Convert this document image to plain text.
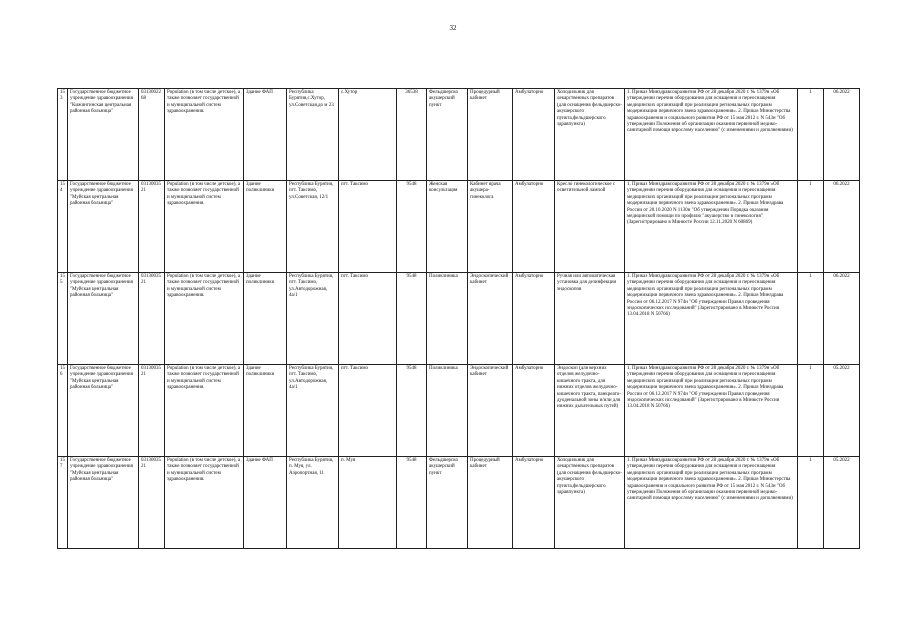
32
153	Государственное бюджетное учреждение здравоохранения "Кижингинская центральная районная больница"	0313002268	Population (в том числе детское), а также позволяет государственной и муниципальной систем здравоохранения.	Здание ФАП	Республика Бурятия,с.Хутор, ул.Советская,до м 23	с.Хутор	36538	Фельдшерско акушерский пункт	Процедурный кабинет	Амбулаторно	Холодильник для лекарственных препаратов (для оснащения фельдшерско-акушерского пункта,фельдшерского здравпункта)	1. Приказ Минздравсоцразвития РФ от 28 декабря 2020 г. № 1379н «Об утверждении перечня оборудования для оснащения и переоснащения медицинских организаций при реализации региональных программ модернизации первичного звена здравоохранения». 2. Приказ Министерства здравоохранения и социального развития РФ от 15 мая 2012 г. N 543н "Об утверждении Положения об организации оказания первичной медико-санитарной помощи взрослому населению" (с изменениями и дополнениями)	1	06.2022
154	Государственное бюджетное учреждение здравоохранения "Муйская центральная районная больница"	0313003521	Population (в том числе детское), а также позволяет государственной и муниципальной систем здравоохранения.	Здание поликлиники	Республика Бурятия, пгт. Таксимо, ул.Советская, 12/1	пгт. Таксимо	9548	Женская консультация	Кабинет врача акушера-гинеколога	Амбулаторно	Кресло гинекологическое с осветительной лампой	1. Приказ Минздравсоцразвития РФ от 28 декабря 2020 г. № 1379н «Об утверждении перечня оборудования для оснащения и переоснащения медицинских организаций при реализации региональных программ модернизации первичного звена здравоохранения». 2. Приказ Минздрава России от 20.10.2020 N 1130н "Об утверждении Порядка оказания медицинской помощи по профилю "акушерство и гинекология" (Зарегистрировано в Минюсте России 12.11.2020 N 60869)	1	06.2022
155	Государственное бюджетное учреждение здравоохранения "Муйская центральная районная больница"	0313003521	Population (в том числе детское), а также позволяет государственной и муниципальной систем здравоохранения.	Здание поликлиники	Республика Бурятия, пгт. Таксимо, ул.Автодорожная, 4а/1	пгт. Таксимо	9548	Поликлиника	Эндоскопический кабинет	Амбулаторно	Ручная или автоматическая установка для дезинфекции эндоскопов	1. Приказ Минздравсоцразвития РФ от 28 декабря 2020 г. № 1379н «Об утверждении перечня оборудования для оснащения и переоснащения медицинских организаций при реализации региональных программ модернизации первичного звена здравоохранения». 2. Приказ Минздрава России от 06.12.2017 N 974н "Об утверждении Правил проведения эндоскопических исследований" (Зарегистрировано в Минюсте России 13.04.2018 N 50766)	1	06.2022
156	Государственное бюджетное учреждение здравоохранения "Муйская центральная районная больница"	0313003521	Population (в том числе детское), а также позволяет государственной и муниципальной систем здравоохранения.	Здание поликлиники	Республика Бурятия, пгт. Таксимо, ул.Автодорожная, 4а/1	пгт. Таксимо	9548	Поликлиника	Эндоскопический кабинет	Амбулаторно	Эндоскоп (для верхних отделов желудочно-кишечного тракта, для нижних отделов желудочно-кишечного тракта, панкреато-дуоденальной зоны и/или для нижних дыхательных путей)	1. Приказ Минздравсоцразвития РФ от 28 декабря 2020 г. № 1379н «Об утверждении перечня оборудования для оснащения и переоснащения медицинских организаций при реализации региональных программ модернизации первичного звена здравоохранения». 2. Приказ Минздрава России от 06.12.2017 N 974н "Об утверждении Правил проведения эндоскопических исследований" (Зарегистрировано в Минюсте России 13.04.2018 N 50766)	1	05.2022
157	Государственное бюджетное учреждение здравоохранения "Муйская центральная районная больница"	0313003521	Population (в том числе детское), а также позволяет государственной и муниципальной систем здравоохранения.	Здание ФАП	Республика Бурятия, п. Муя, ул. Аэропортная, 11	п. Муя	9548	Фельдшерско акушерский пункт	Процедурный кабинет	Амбулаторно	Холодильник для лекарственных препаратов (для оснащения фельдшерско-акушерского пункта,фельдшерского здравпункта)	1. Приказ Минздравсоцразвития РФ от 28 декабря 2020 г. № 1379н «Об утверждении перечня оборудования для оснащения и переоснащения медицинских организаций при реализации региональных программ модернизации первичного звена здравоохранения». 2. Приказ Министерства здравоохранения и социального развития РФ от 15 мая 2012 г. N 543н "Об утверждении Положения об организации оказания первичной медико-санитарной помощи взрослому населению" (с изменениями и дополнениями)	1	05.2022
